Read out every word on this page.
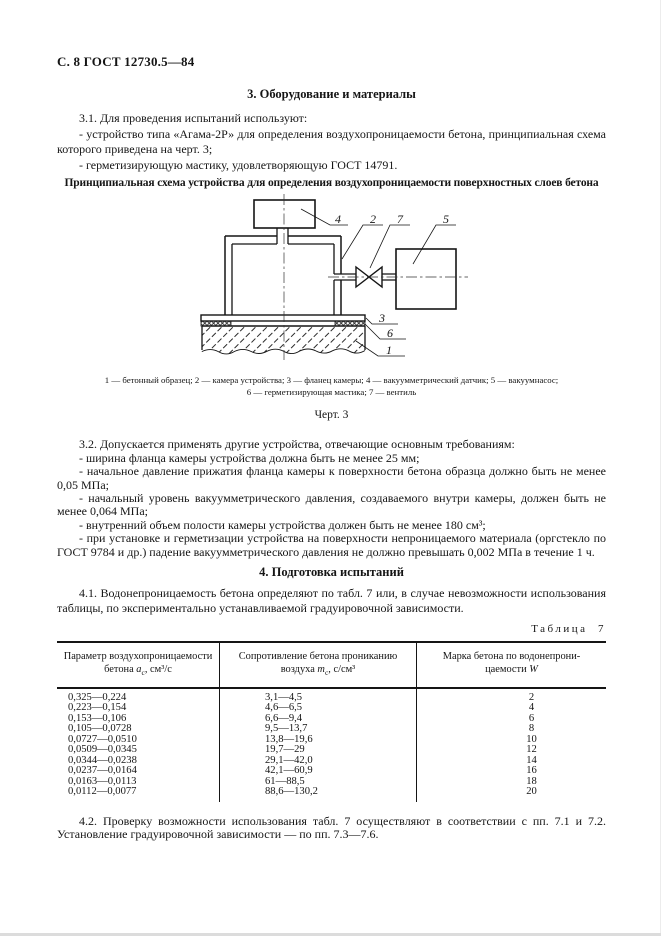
С. 8 ГОСТ 12730.5—84
3. Оборудование и материалы

3.1. Для проведения испытаний используют:

- устройство типа «Агама-2Р» для определения воздухопроницаемости бетона, принципиальная схема которого приведена на черт. 3;

- герметизирующую мастику, удовлетворяющую ГОСТ 14791.

Принципиальная схема устройства для определения воздухопроницаемости поверхностных слоев бетона
4 2 7	5
3
6
1
1 — бетонный образец; 2 — камера устройства; 3 — фланец камеры; 4 — вакуумметрический датчик; 5 — вакуумнасос;
6 — герметизирующая мастика; 7 — вентиль
Черт. 3

3.2. Допускается применять другие устройства, отвечающие основным требованиям:

- ширина фланца камеры устройства должна быть не менее 25 мм;

- начальное давление прижатия фланца камеры к поверхности бетона образца должно быть не менее 0,05 МПа;

- начальный уровень вакуумметрического давления, создаваемого внутри камеры, должен быть не менее 0,064 МПа;

- внутренний объем полости камеры устройства должен быть не менее 180 см³;

- при установке и герметизации устройства на поверхности непроницаемого материала (оргстекло по ГОСТ 9784 и др.) падение вакуумметрического давления не должно превышать 0,002 МПа в течение 1 ч.

4. Подготовка испытаний

4.1. Водонепроницаемость бетона определяют по табл. 7 или, в случае невозможности использования таблицы, по экспериментально устанавливаемой градуировочной зависимости.

Таблица  7
Параметр воздухопроницаемости
бетона $а_с$, см³/с

Сопротивление бетона прониканию
воздуха $т_с$, с/см³

Марка бетона по водонепрони-
цаемости W

0,325—0,224	3,1—4,5	2
0,223—0,154	4,6—6,5	4
0,153—0,106	6,6—9,4	6
0,105—0,0728	9,5—13,7	8
0,0727—0,0510	13,8—19,6	10
0,0509—0,0345	19,7—29	12
0,0344—0,0238	29,1—42,0	14
0,0237—0,0164	42,1—60,9	16
0,0163—0,0113	61—88,5	18
0,0112—0,0077	88,6—130,2	20

4.2. Проверку возможности использования табл. 7 осуществляют в соответствии с пп. 7.1 и 7.2. Установление градуировочной зависимости — по пп. 7.3—7.6.
